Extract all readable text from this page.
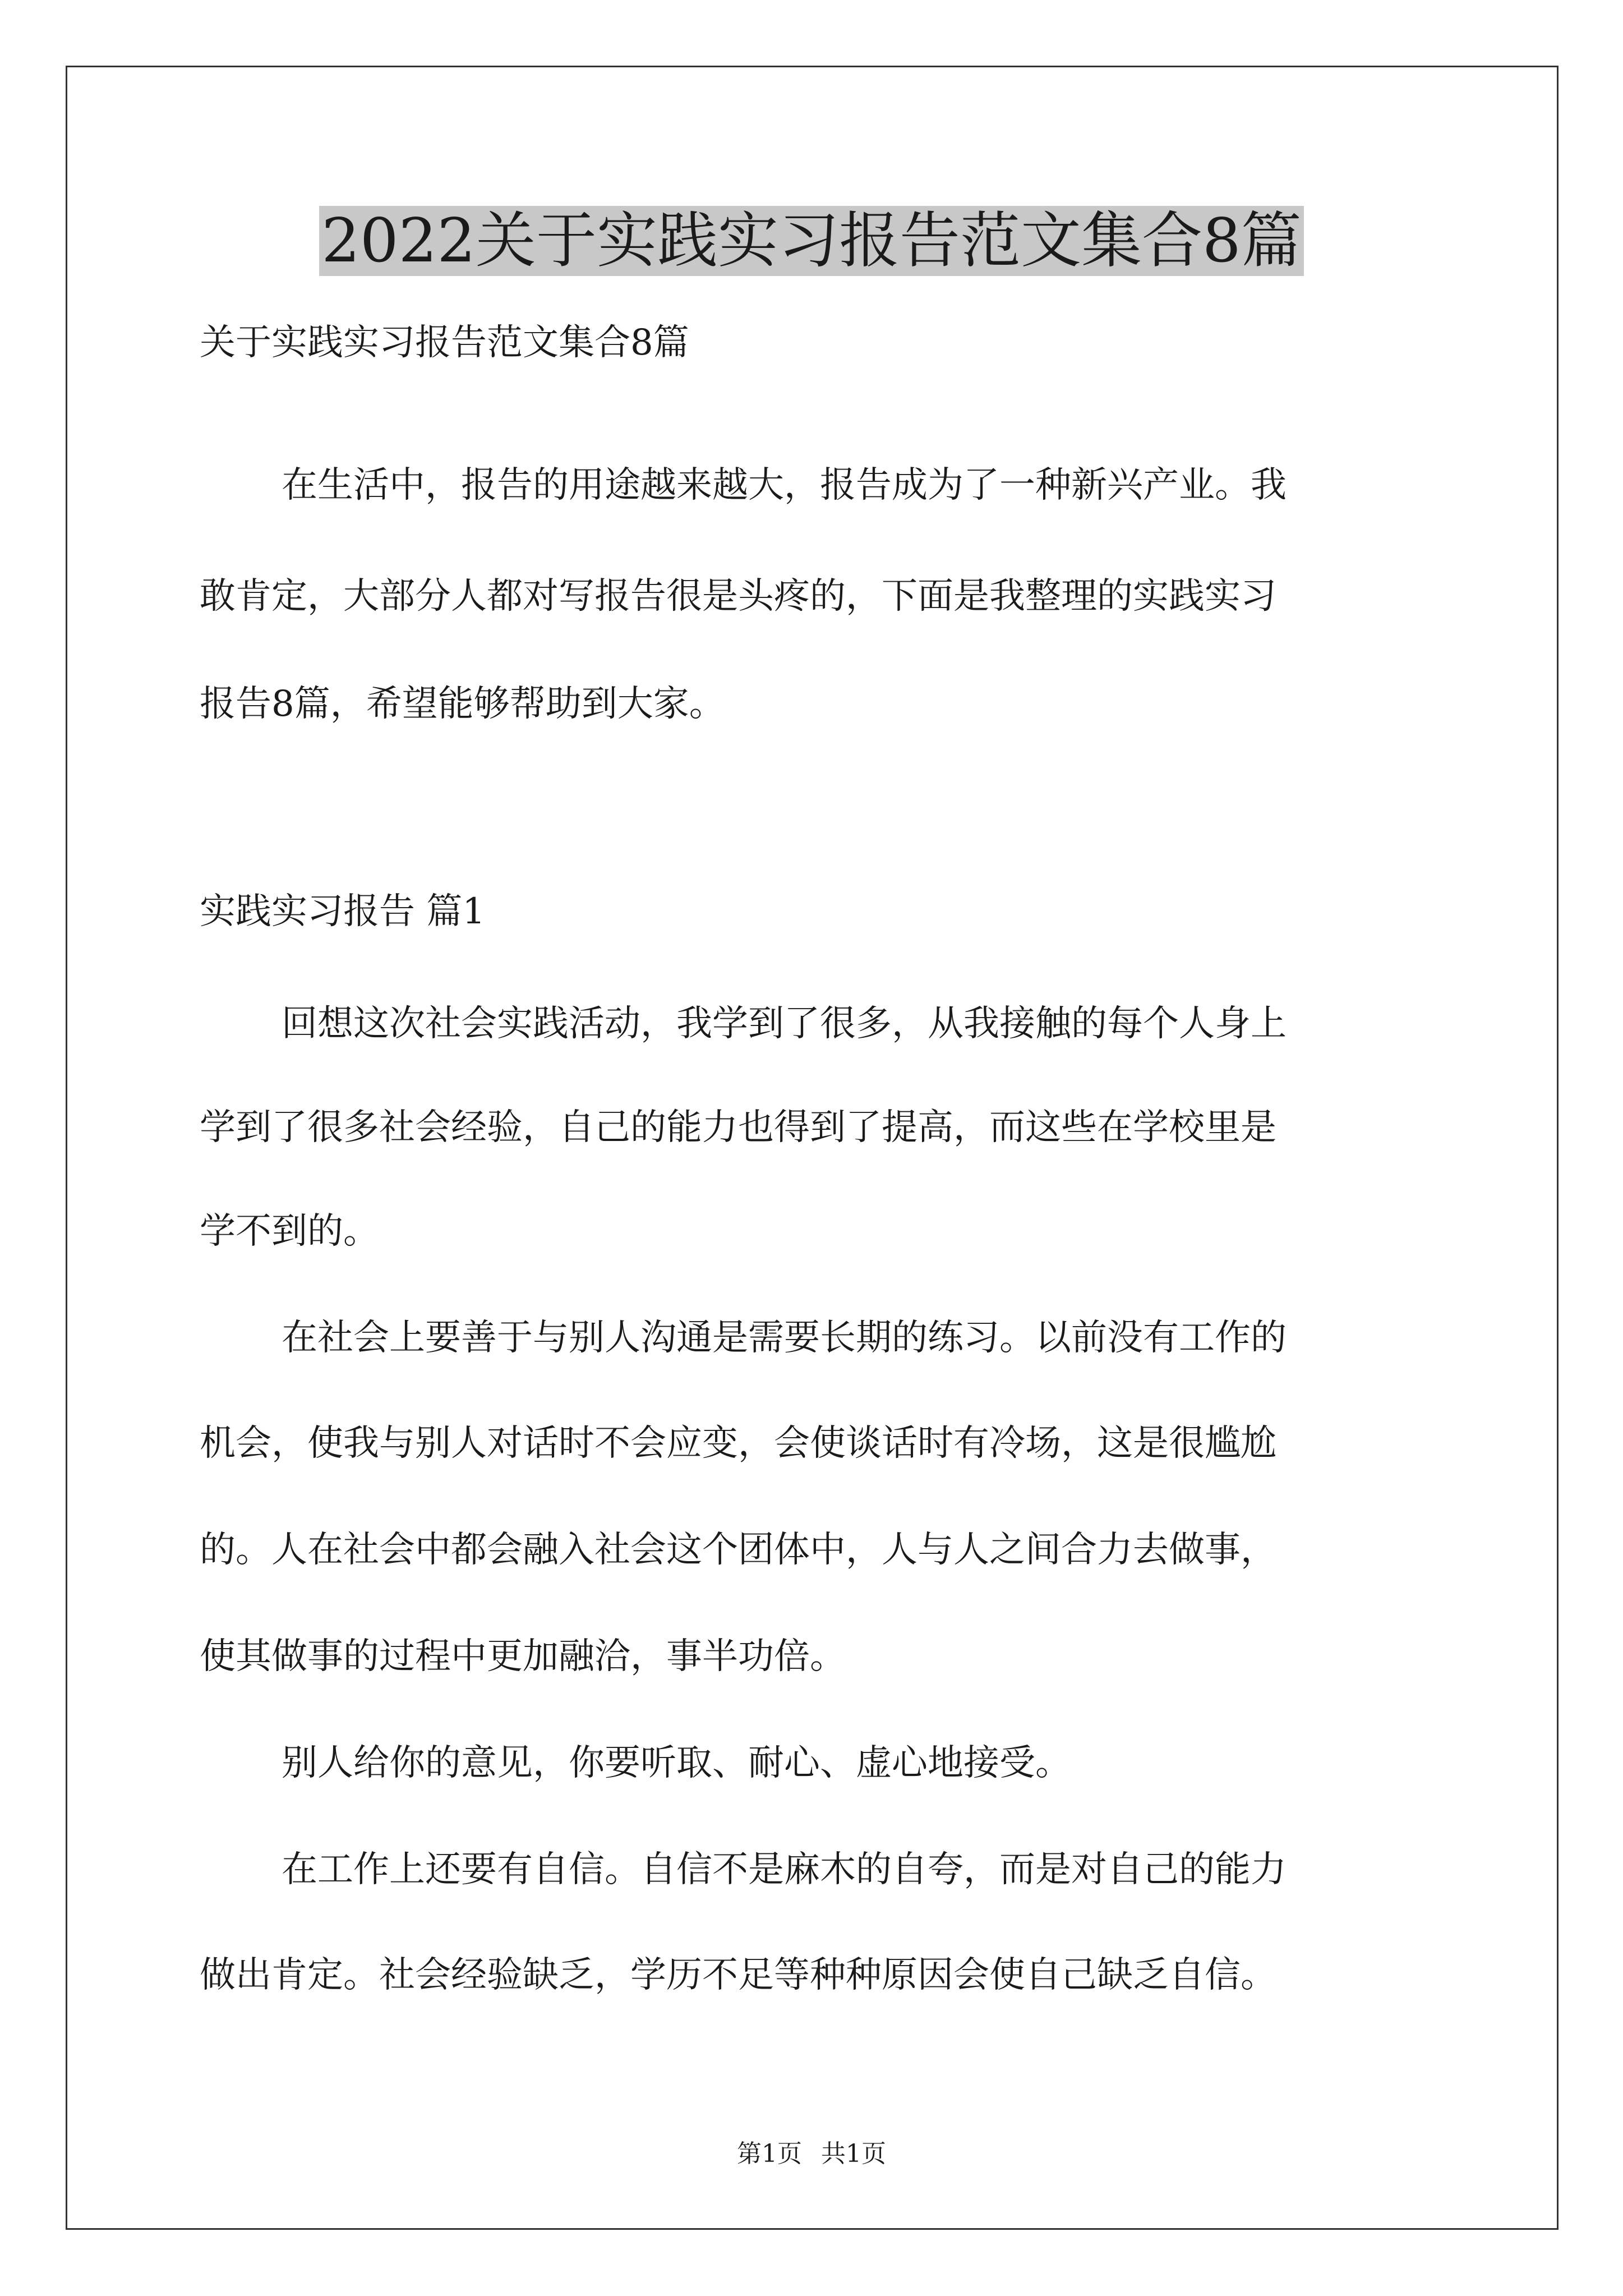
2022关于实践实习报告范文集合8篇

关于实践实习报告范文集合8篇

在生活中，报告的用途越来越大，报告成为了一种新兴产业。我

敢肯定，大部分人都对写报告很是头疼的，下面是我整理的实践实习

报告8篇，希望能够帮助到大家。

实践实习报告 篇1

回想这次社会实践活动，我学到了很多，从我接触的每个人身上

学到了很多社会经验，自己的能力也得到了提高，而这些在学校里是

学不到的。

在社会上要善于与别人沟通是需要长期的练习。以前没有工作的

机会，使我与别人对话时不会应变，会使谈话时有冷场，这是很尴尬

的。人在社会中都会融入社会这个团体中，人与人之间合力去做事，

使其做事的过程中更加融洽，事半功倍。

别人给你的意见，你要听取、耐心、虚心地接受。

在工作上还要有自信。自信不是麻木的自夸，而是对自己的能力

做出肯定。社会经验缺乏，学历不足等种种原因会使自己缺乏自信。

第1页 共1页
